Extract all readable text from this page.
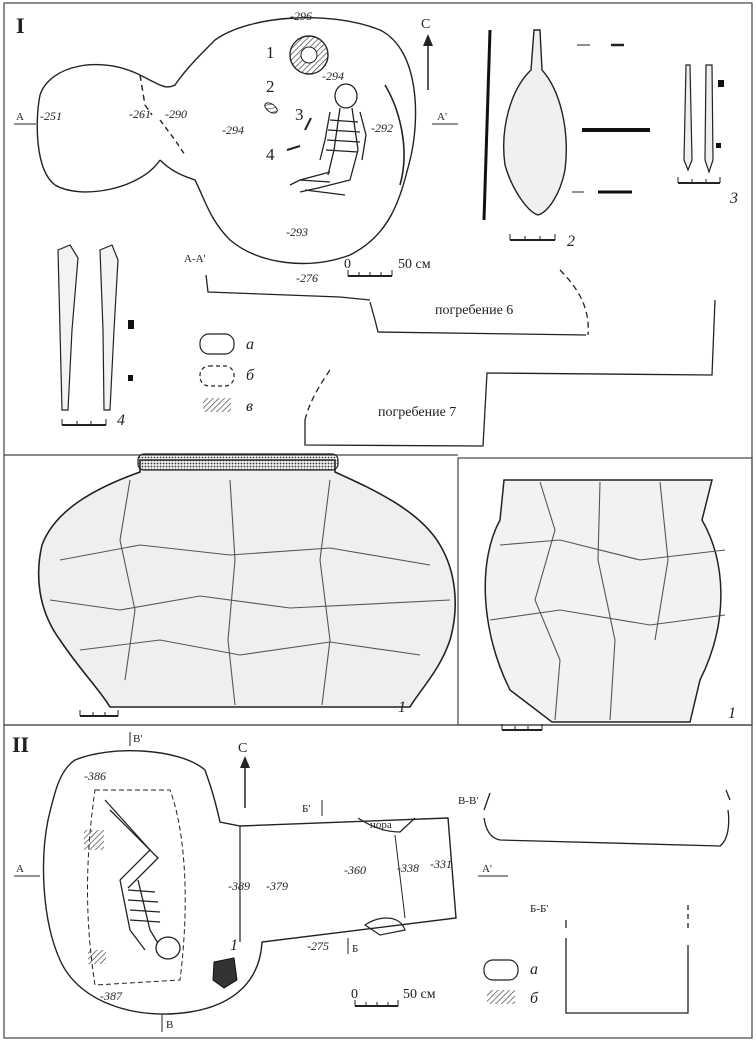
I	С
A	A'
-296
-294
-251	-261 -290
-294	-292
-293
-276
1
2
3
4
0	50 см
2
3
4
A-A'
погребение 6
погребение 7
а
б
в
1	1
II	С
1
A	A'
B'
B
Б'
Б
-386
-389 -379
-360	-338 -331
-275
-387
нора
0	50 см
В-В'
Б-Б'
а
б
